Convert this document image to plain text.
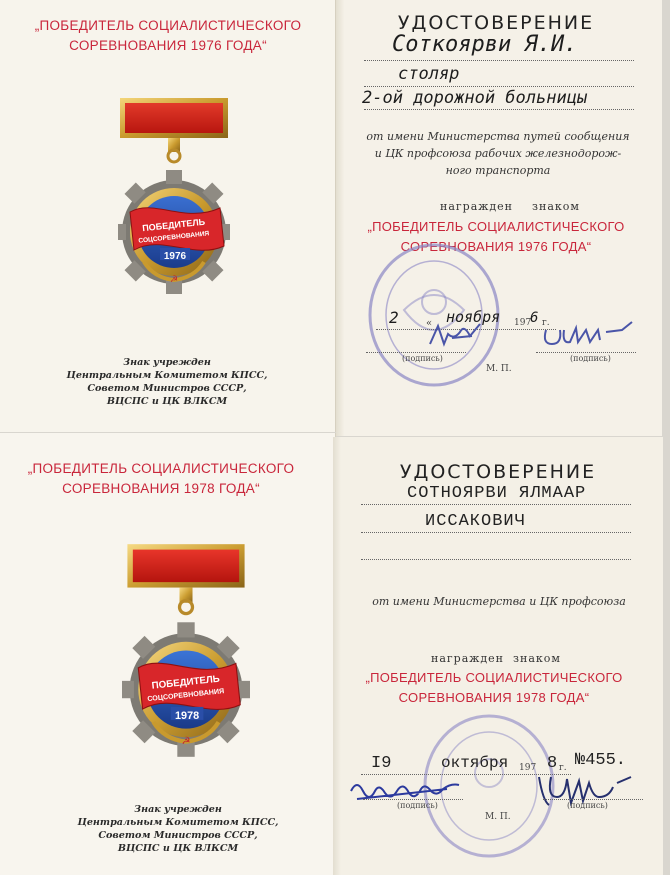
„ПОБЕДИТЕЛЬ СОЦИАЛИСТИЧЕСКОГО
СОРЕВНОВАНИЯ 1976 ГОДА“
ПОБЕДИТЕЛЬ
СОЦСОРЕВНОВАНИЯ
1976
☭
Знак учрежден
Центральным Комитетом КПСС,
Советом Министров СССР,
ВЦСПС и ЦК ВЛКСМ
УДОСТОВЕРЕНИЕ
Соткоярви Я.И.
столяр
2-ой дорожной больницы
от имени Министерства путей сообщения
и ЦК профсоюза рабочих железнодорож-
ного транспорта
награжден знаком
„ПОБЕДИТЕЛЬ СОЦИАЛИСТИЧЕСКОГО
СОРЕВНОВАНИЯ 1976 ГОДА“
2	« ноября 197
6 г.
(подпись)	(подпись)
М. П.
„ПОБЕДИТЕЛЬ СОЦИАЛИСТИЧЕСКОГО
СОРЕВНОВАНИЯ 1978 ГОДА“
ПОБЕДИТЕЛЬ
СОЦСОРЕВНОВАНИЯ
1978
☭
Знак учрежден
Центральным Комитетом КПСС,
Советом Министров СССР,
ВЦСПС и ЦК ВЛКСМ
УДОСТОВЕРЕНИЕ
СОТНОЯРВИ ЯЛМААР
ИССАКОВИЧ
от имени Министерства и ЦК профсоюза
награжден знаком
„ПОБЕДИТЕЛЬ СОЦИАЛИСТИЧЕСКОГО
СОРЕВНОВАНИЯ 1978 ГОДА“
I9	октября 197 8 г. №455.
(подпись)	(подпись)
М. П.
